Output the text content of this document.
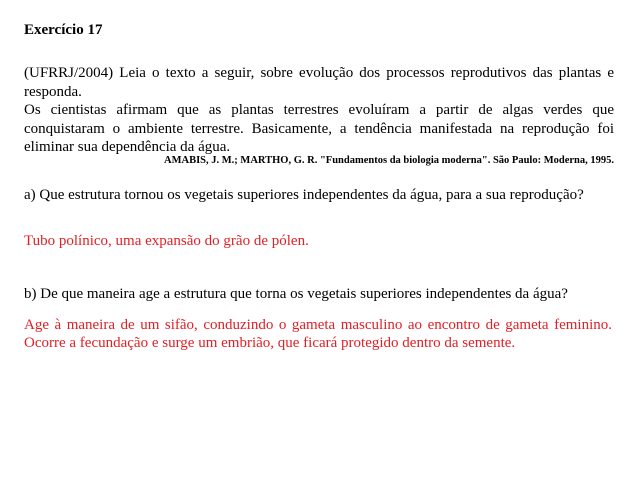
Exercício 17
(UFRRJ/2004) Leia o texto a seguir, sobre evolução dos processos reprodutivos das plantas e responda.
Os cientistas afirmam que as plantas terrestres evoluíram a partir de algas verdes que conquistaram o ambiente terrestre. Basicamente, a tendência manifestada na reprodução foi eliminar sua dependência da água.
AMABIS, J. M.; MARTHO, G. R. "Fundamentos da biologia moderna". São Paulo: Moderna, 1995.
a) Que estrutura tornou os vegetais superiores independentes da água, para a sua reprodução?
Tubo polínico, uma expansão do grão de pólen.
b) De que maneira age a estrutura que torna os vegetais superiores independentes da água?
Age à maneira de um sifão, conduzindo o gameta masculino ao encontro de gameta feminino. Ocorre a fecundação e surge um embrião, que ficará protegido dentro da semente.
